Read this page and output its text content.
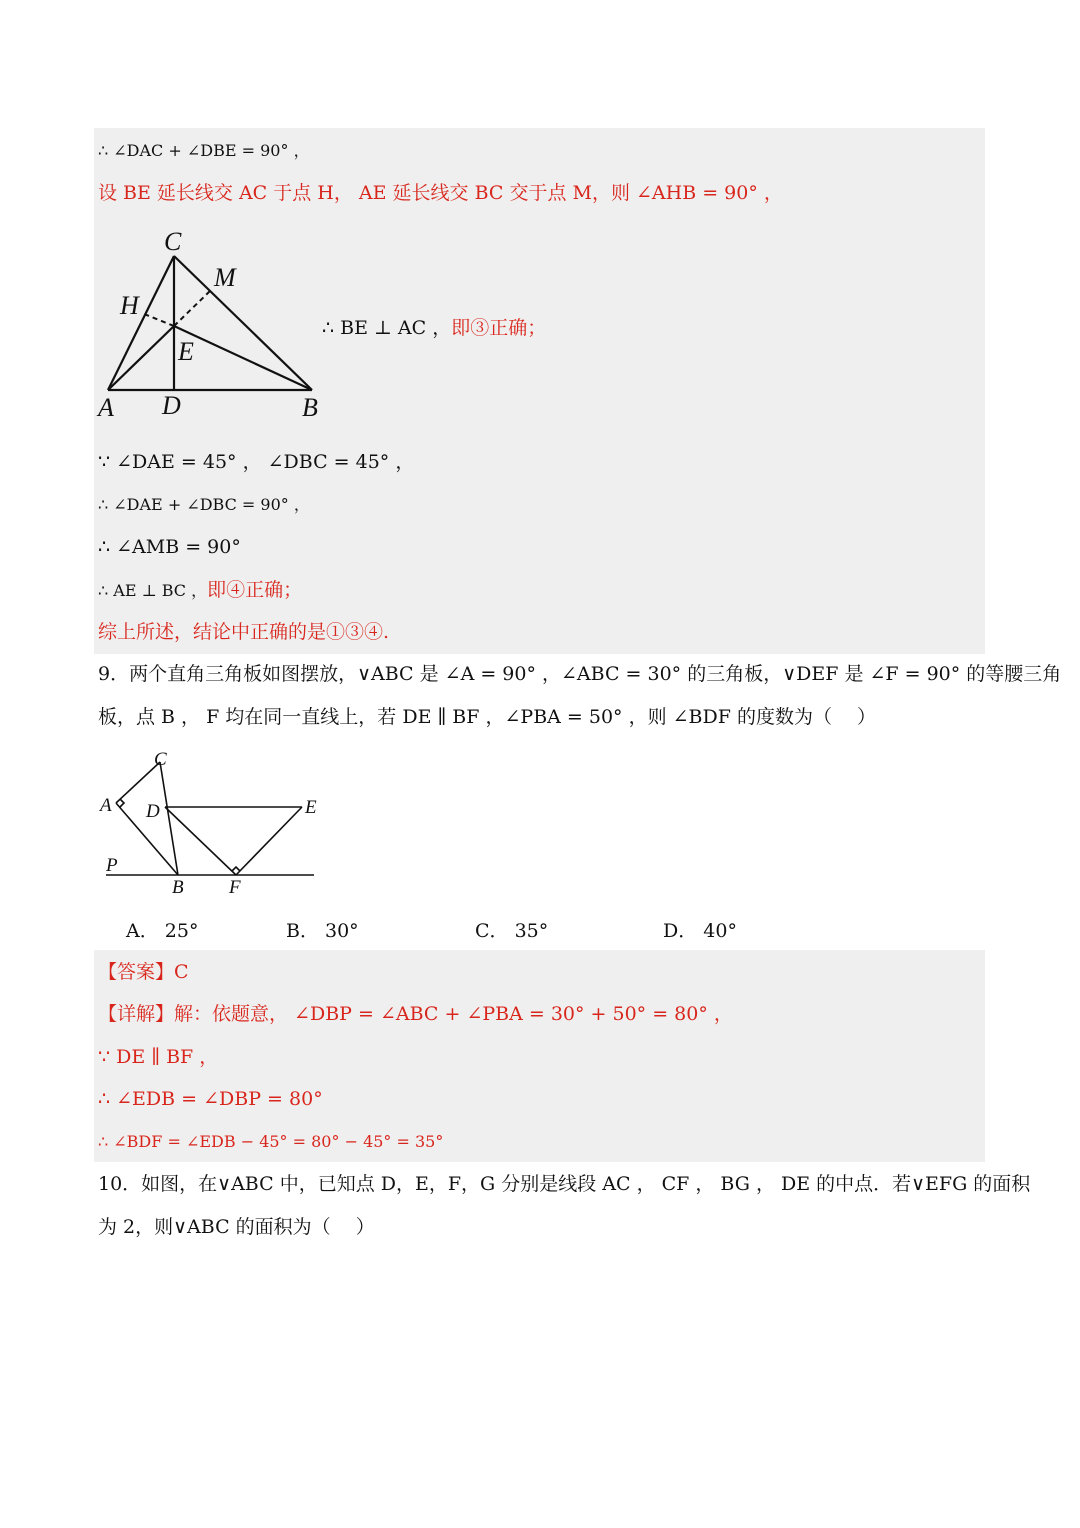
∴ ∠DAC + ∠DBE = 90° ，
设 BE 延长线交 AC 于点 H， AE 延长线交 BC 交于点 M，则 ∠AHB = 90° ，
C
M
H
E
A D	B
∴ BE ⊥ AC ，即③正确；
∵ ∠DAE = 45° ， ∠DBC = 45° ，
∴ ∠DAE + ∠DBC = 90° ，
∴ ∠AMB = 90°
∴ AE ⊥ BC ，即④正确；
综上所述，结论中正确的是①③④.
9．两个直角三角板如图摆放，∨ABC 是 ∠A = 90° ，∠ABC = 30° 的三角板，∨DEF 是 ∠F = 90° 的等腰三角
板，点 B ， F 均在同一直线上，若 DE ∥ BF ，∠PBA = 50° ，则 ∠BDF 的度数为（　 ）
C
A D	E
P
B F
A． 25°	B． 30°	C． 35°	D． 40°
【答案】C
【详解】解：依题意， ∠DBP = ∠ABC + ∠PBA = 30° + 50° = 80° ，
∵ DE ∥ BF ，
∴ ∠EDB = ∠DBP = 80°
∴ ∠BDF = ∠EDB − 45° = 80° − 45° = 35°
10．如图，在∨ABC 中，已知点 D，E，F，G 分别是线段 AC ， CF ， BG ， DE 的中点．若∨EFG 的面积
为 2，则∨ABC 的面积为（　 ）
